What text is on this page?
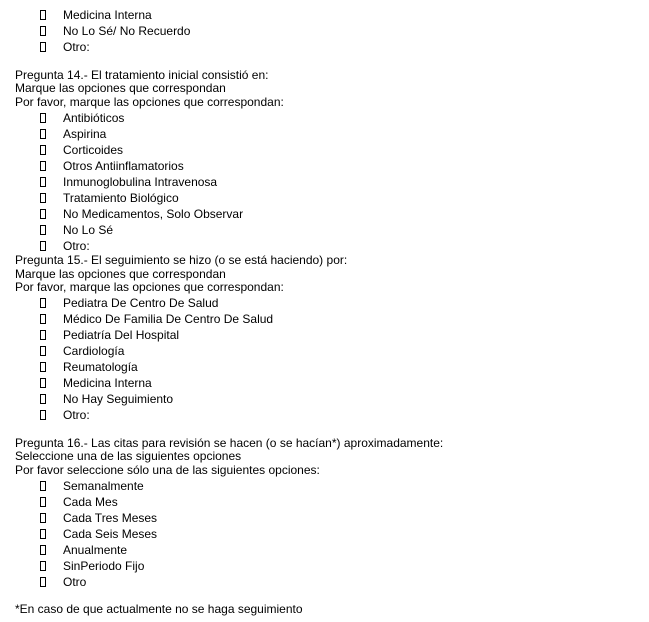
Medicina Interna
No Lo Sé/ No Recuerdo
Otro:
Pregunta 14.- El tratamiento inicial consistió en:
Marque las opciones que correspondan
Por favor, marque las opciones que correspondan:
Antibióticos
Aspirina
Corticoides
Otros Antiinflamatorios
Inmunoglobulina Intravenosa
Tratamiento Biológico
No Medicamentos, Solo Observar
No Lo Sé
Otro:
Pregunta 15.- El seguimiento se hizo (o se está haciendo) por:
Marque las opciones que correspondan
Por favor, marque las opciones que correspondan:
Pediatra De Centro De Salud
Médico De Familia De Centro De Salud
Pediatría Del Hospital
Cardiología
Reumatología
Medicina Interna
No Hay Seguimiento
Otro:
Pregunta 16.- Las citas para revisión se hacen (o se hacían*) aproximadamente:
Seleccione una de las siguientes opciones
Por favor seleccione sólo una de las siguientes opciones:
Semanalmente
Cada Mes
Cada Tres Meses
Cada Seis Meses
Anualmente
SinPeriodo Fijo
Otro
*En caso de que actualmente no se haga seguimiento
